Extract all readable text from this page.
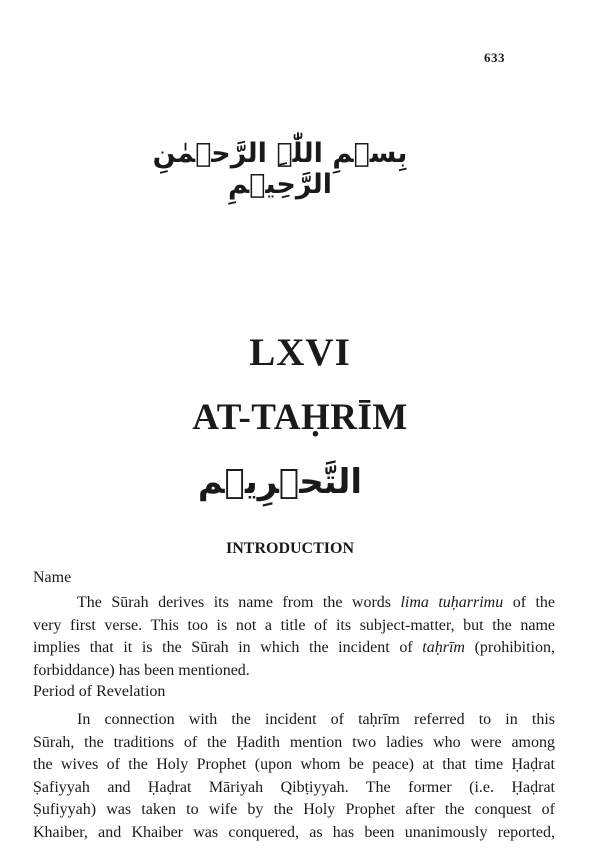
633
بِسۡمِ اللّٰہِ الرَّحۡمٰنِ الرَّحِیۡمِ
LXVI
AT-TAḤRĪM
التَّحۡرِیۡم
INTRODUCTION
Name
The Sūrah derives its name from the words lima tuḥarrimu of the
very first verse. This too is not a title of its subject-matter, but the name
implies that it is the Sūrah in which the incident of taḥrīm (prohibition,
forbiddance) has been mentioned.
Period of Revelation
In connection with the incident of taḥrīm referred to in this
Sūrah, the traditions of the Ḥadith mention two ladies who were among
the wives of the Holy Prophet (upon whom be peace) at that time Ḥaḍrat
Ṣafiyyah and Ḥaḍrat Māriyah Qibṭiyyah. The former (i.e. Ḥaḍrat
Ṣufiyyah) was taken to wife by the Holy Prophet after the conquest of
Khaiber, and Khaiber was conquered, as has been unanimously reported,
